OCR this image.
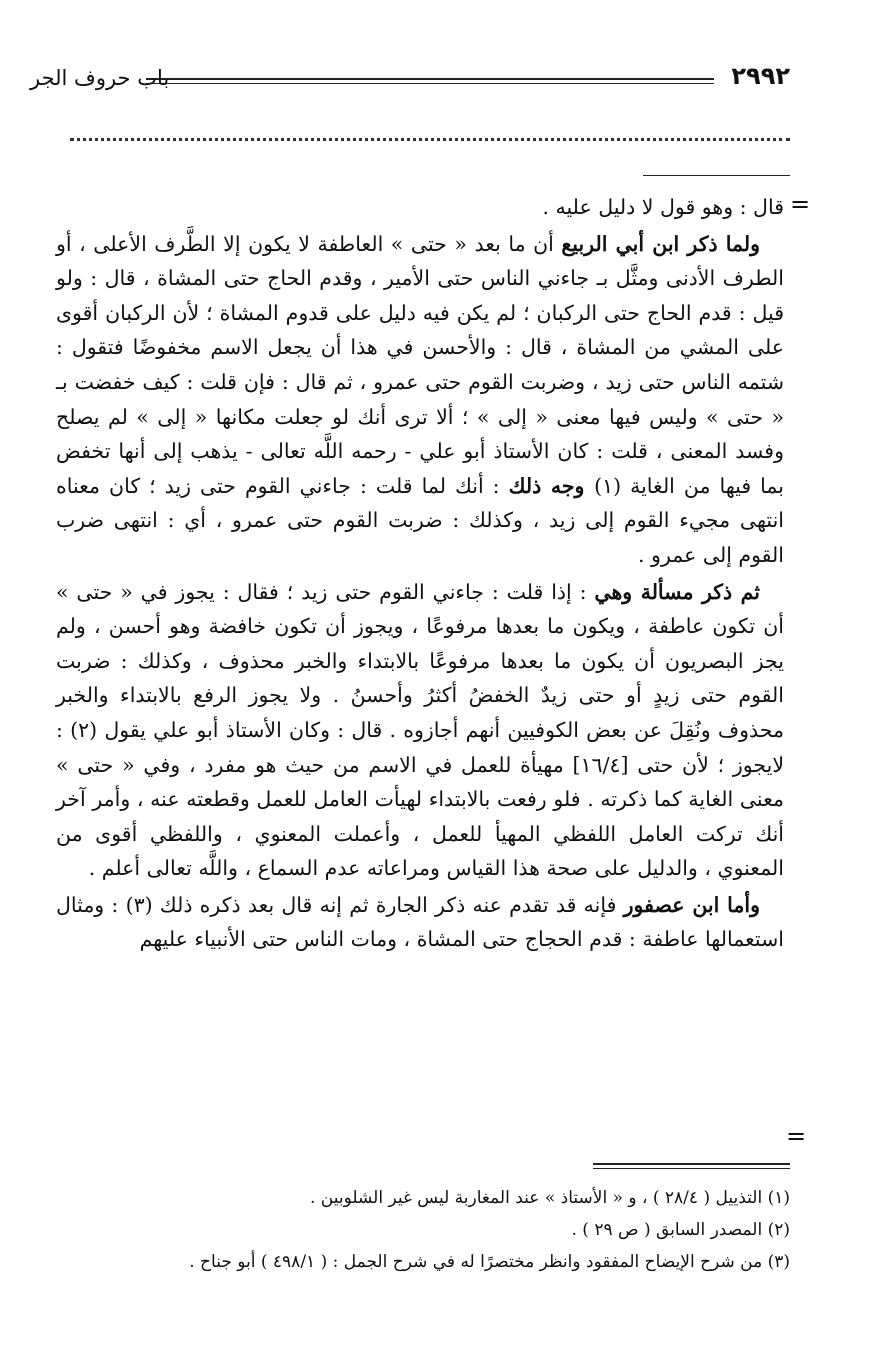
٢٩٩٢
باب حروف الجر
=
=

قال : وهو قول لا دليل عليه .

ولما ذكر ابن أبي الربيع أن ما بعد « حتى » العاطفة لا يكون إلا الطَّرف الأعلى ، أو الطرف الأدنى ومثَّل بـ جاءني الناس حتى الأمير ، وقدم الحاج حتى المشاة ، قال : ولو قيل : قدم الحاج حتى الركبان ؛ لم يكن فيه دليل على قدوم المشاة ؛ لأن الركبان أقوى على المشي من المشاة ، قال : والأحسن في هذا أن يجعل الاسم مخفوضًا فتقول : شتمه الناس حتى زيد ، وضربت القوم حتى عمرو ، ثم قال : فإن قلت : كيف خفضت بـ « حتى » وليس فيها معنى « إلى » ؛ ألا ترى أنك لو جعلت مكانها « إلى » لم يصلح وفسد المعنى ، قلت : كان الأستاذ أبو علي - رحمه اللَّه تعالى - يذهب إلى أنها تخفض بما فيها من الغاية (١) وجه ذلك : أنك لما قلت : جاءني القوم حتى زيد ؛ كان معناه انتهى مجيء القوم إلى زيد ، وكذلك : ضربت القوم حتى عمرو ، أي : انتهى ضرب القوم إلى عمرو .

ثم ذكر مسألة وهي : إذا قلت : جاءني القوم حتى زيد ؛ فقال : يجوز في « حتى » أن تكون عاطفة ، ويكون ما بعدها مرفوعًا ، ويجوز أن تكون خافضة وهو أحسن ، ولم يجز البصريون أن يكون ما بعدها مرفوعًا بالابتداء والخبر محذوف ، وكذلك : ضربت القوم حتى زيدٍ أو حتى زيدٌ الخفضُ أكثرُ وأحسنُ . ولا يجوز الرفع بالابتداء والخبر محذوف ونُقِلَ عن بعض الكوفيين أنهم أجازوه . قال : وكان الأستاذ أبو علي يقول (٢) : لايجوز ؛ لأن حتى [١٦/٤] مهيأة للعمل في الاسم من حيث هو مفرد ، وفي « حتى » معنى الغاية كما ذكرته . فلو رفعت بالابتداء لهيأت العامل للعمل وقطعته عنه ، وأمر آخر أنك تركت العامل اللفظي المهيأ للعمل ، وأعملت المعنوي ، واللفظي أقوى من المعنوي ، والدليل على صحة هذا القياس ومراعاته عدم السماع ، واللَّه تعالى أعلم .

وأما ابن عصفور فإنه قد تقدم عنه ذكر الجارة ثم إنه قال بعد ذكره ذلك (٣) : ومثال استعمالها عاطفة : قدم الحجاج حتى المشاة ، ومات الناس حتى الأنبياء عليهم

(١) التذييل ( ٢٨/٤ ) ، و « الأستاذ » عند المغاربة ليس غير الشلوبين .

(٢) المصدر السابق ( ص ٢٩ ) .

(٣) من شرح الإيضاح المفقود وانظر مختصرًا له في شرح الجمل : ( ٤٩٨/١ ) أبو جناح .
